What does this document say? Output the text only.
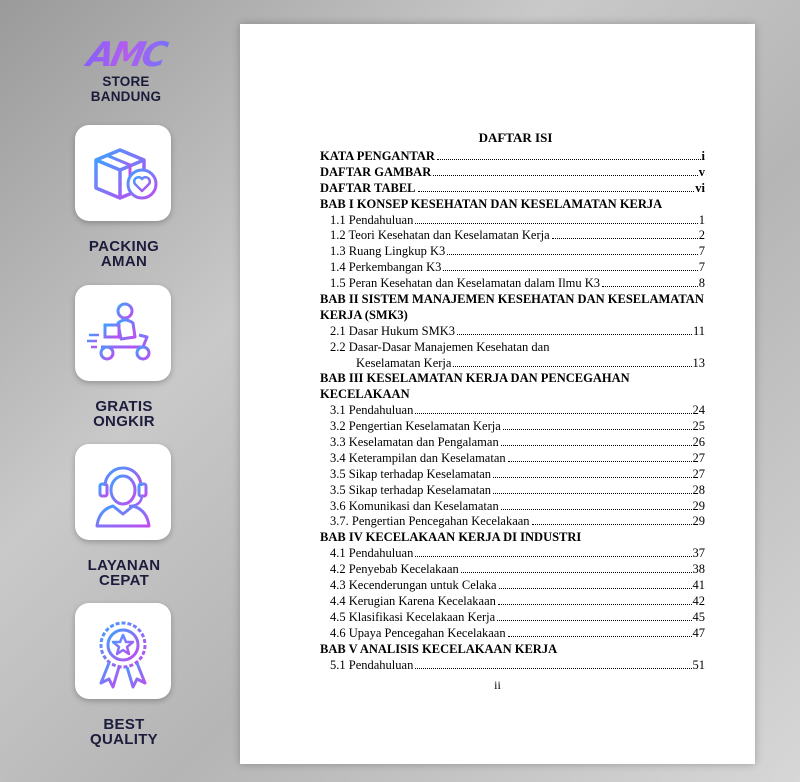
AMC
STORE BANDUNG
PACKING
AMAN
GRATIS
ONGKIR
LAYANAN
CEPAT
BEST
QUALITY
DAFTAR ISI
KATA PENGANTAR	i
DAFTAR GAMBAR	v
DAFTAR TABEL	vi
BAB I KONSEP KESEHATAN DAN KESELAMATAN KERJA
1.1 Pendahuluan	1
1.2 Teori Kesehatan dan Keselamatan Kerja	2
1.3 Ruang Lingkup K3	7
1.4 Perkembangan K3	7
1.5 Peran Kesehatan dan Keselamatan dalam Ilmu K3	8
BAB II SISTEM MANAJEMEN KESEHATAN DAN KESELAMATAN
KERJA (SMK3)
2.1 Dasar Hukum SMK3	11
2.2 Dasar-Dasar Manajemen Kesehatan dan
Keselamatan Kerja	13
BAB III KESELAMATAN KERJA DAN PENCEGAHAN
KECELAKAAN
3.1 Pendahuluan	24
3.2 Pengertian Keselamatan Kerja	25
3.3 Keselamatan dan Pengalaman	26
3.4 Keterampilan dan Keselamatan	27
3.5 Sikap terhadap Keselamatan	27
3.5 Sikap terhadap Keselamatan	28
3.6 Komunikasi dan Keselamatan	29
3.7. Pengertian Pencegahan Kecelakaan	29
BAB IV KECELAKAAN KERJA DI INDUSTRI
4.1 Pendahuluan	37
4.2 Penyebab Kecelakaan	38
4.3 Kecenderungan untuk Celaka	41
4.4 Kerugian Karena Kecelakaan	42
4.5 Klasifikasi Kecelakaan Kerja	45
4.6 Upaya Pencegahan Kecelakaan	47
BAB V ANALISIS KECELAKAAN KERJA
5.1 Pendahuluan	51
ii
